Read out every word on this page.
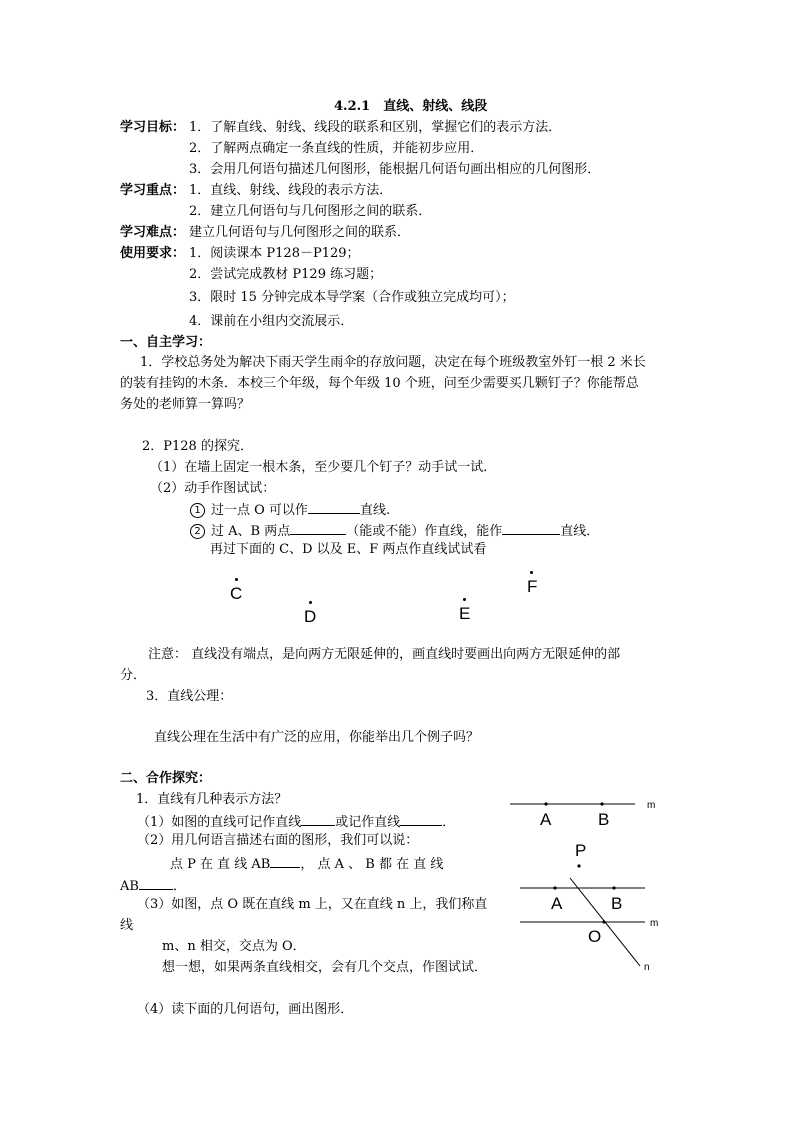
4.2.1　直线、射线、线段
学习目标： 1．了解直线、射线、线段的联系和区别，掌握它们的表示方法．
2．了解两点确定一条直线的性质，并能初步应用．
3．会用几何语句描述几何图形，能根据几何语句画出相应的几何图形．
学习重点： 1．直线、射线、线段的表示方法．
2．建立几何语句与几何图形之间的联系．
学习难点： 建立几何语句与几何图形之间的联系．
使用要求： 1．阅读课本 P128－P129；
2．尝试完成教材 P129 练习题；
3．限时 15 分钟完成本导学案（合作或独立完成均可）；
4．课前在小组内交流展示．
一、自主学习：
1．学校总务处为解决下雨天学生雨伞的存放问题，决定在每个班级教室外钉一根 2 米长
的装有挂钩的木条．本校三个年级，每个年级 10 个班，问至少需要买几颗钉子？你能帮总
务处的老师算一算吗？
2．P128 的探究．
（1）在墙上固定一根木条，至少要几个钉子？动手试一试．
（2）动手作图试试：
1 过一点 O 可以作	直线.
2 过 A、B 两点	（能或不能）作直线，能作	直线．
再过下面的 C、D 以及 E、F 两点作直线试试看
C
D	E
F
注意： 直线没有端点，是向两方无限延伸的，画直线时要画出向两方无限延伸的部
分．
3．直线公理：
直线公理在生活中有广泛的应用，你能举出几个例子吗？
二、合作探究：
1．直线有几种表示方法？
（1）如图的直线可记作直线	或记作直线	．
（2）用几何语言描述右面的图形，我们可以说：
点 P 在 直 线 AB ， 点 A 、 B 都 在 直 线
AB	．
（3）如图，点 O 既在直线 m 上，又在直线 n 上，我们称直
线
m、n 相交，交点为 O．
想一想，如果两条直线相交，会有几个交点，作图试试．
（4）读下面的几何语句，画出图形．
A	B
m
P
A	B
m
O
n
